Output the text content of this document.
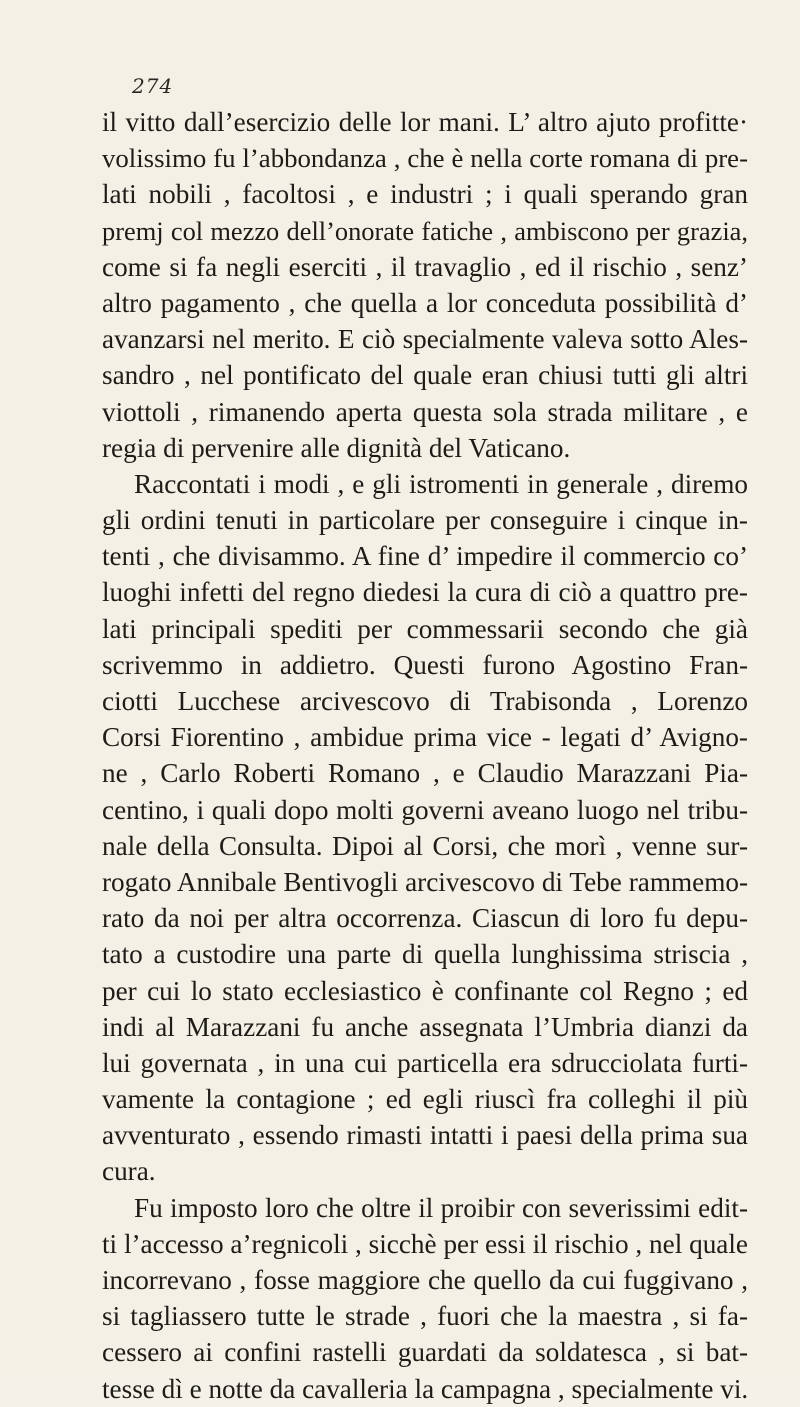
274
il vitto dall’esercizio delle lor mani. L’ altro ajuto profitte·
volissimo fu l’abbondanza , che è nella corte romana di pre-
lati nobili , facoltosi , e industri ; i quali sperando gran
premj col mezzo dell’onorate fatiche , ambiscono per grazia,
come si fa negli eserciti , il travaglio , ed il rischio , senz’
altro pagamento , che quella a lor conceduta possibilità d’
avanzarsi nel merito. E ciò specialmente valeva sotto Ales-
sandro , nel pontificato del quale eran chiusi tutti gli altri
viottoli , rimanendo aperta questa sola strada militare , e
regia di pervenire alle dignità del Vaticano.
Raccontati i modi , e gli istromenti in generale , diremo
gli ordini tenuti in particolare per conseguire i cinque in-
tenti , che divisammo. A fine d’ impedire il commercio co’
luoghi infetti del regno diedesi la cura di ciò a quattro pre-
lati principali spediti per commessarii secondo che già
scrivemmo in addietro. Questi furono Agostino Fran-
ciotti Lucchese arcivescovo di Trabisonda , Lorenzo
Corsi Fiorentino , ambidue prima vice - legati d’ Avigno-
ne , Carlo Roberti Romano , e Claudio Marazzani Pia-
centino, i quali dopo molti governi aveano luogo nel tribu-
nale della Consulta. Dipoi al Corsi, che morì , venne sur-
rogato Annibale Bentivogli arcivescovo di Tebe rammemo-
rato da noi per altra occorrenza. Ciascun di loro fu depu-
tato a custodire una parte di quella lunghissima striscia ,
per cui lo stato ecclesiastico è confinante col Regno ; ed
indi al Marazzani fu anche assegnata l’Umbria dianzi da
lui governata , in una cui particella era sdrucciolata furti-
vamente la contagione ; ed egli riuscì fra colleghi il più
avventurato , essendo rimasti intatti i paesi della prima sua
cura.
Fu imposto loro che oltre il proibir con severissimi edit-
ti l’accesso a’regnicoli , sicchè per essi il rischio , nel quale
incorrevano , fosse maggiore che quello da cui fuggivano ,
si tagliassero tutte le strade , fuori che la maestra , si fa-
cessero ai confini rastelli guardati da soldatesca , si bat-
tesse dì e notte da cavalleria la campagna , specialmente vi.
